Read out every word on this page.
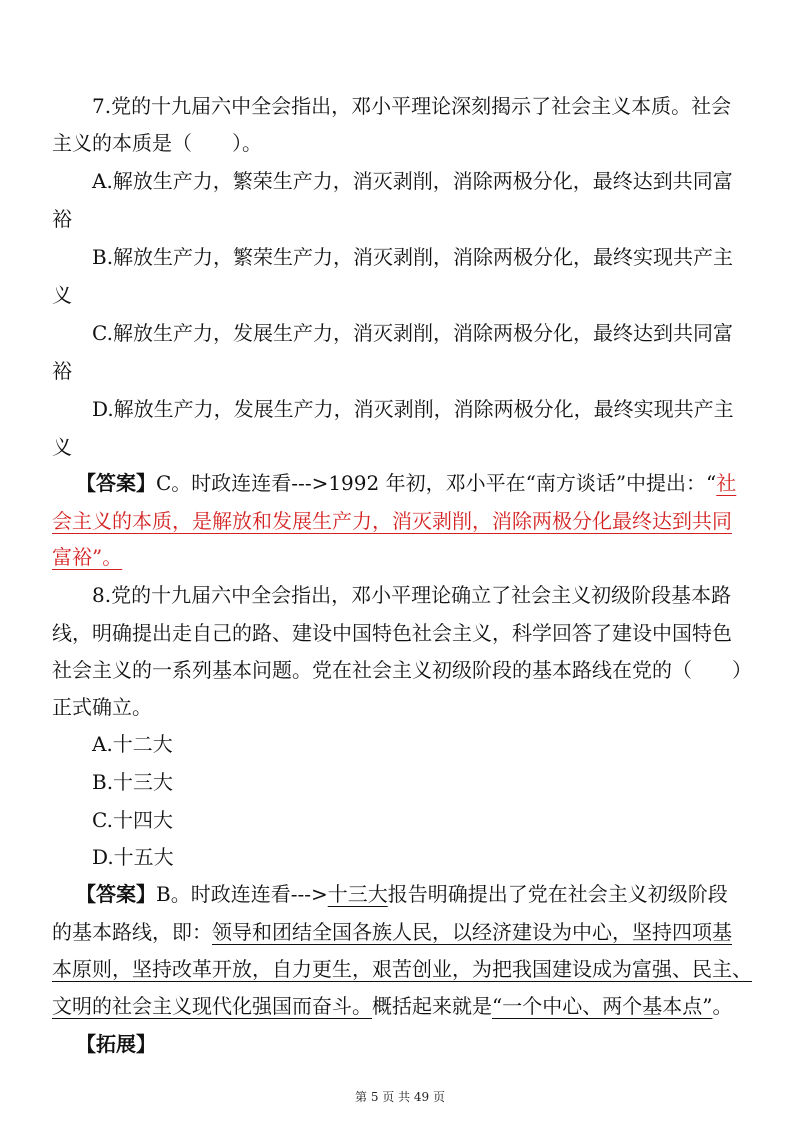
7.党的十九届六中全会指出，邓小平理论深刻揭示了社会主义本质。社会
主义的本质是（　　）。
A.解放生产力，繁荣生产力，消灭剥削，消除两极分化，最终达到共同富
裕
B.解放生产力，繁荣生产力，消灭剥削，消除两极分化，最终实现共产主
义
C.解放生产力，发展生产力，消灭剥削，消除两极分化，最终达到共同富
裕
D.解放生产力，发展生产力，消灭剥削，消除两极分化，最终实现共产主
义
【答案】C。时政连连看--->1992 年初，邓小平在“南方谈话”中提出：“社
会主义的本质，是解放和发展生产力，消灭剥削，消除两极分化最终达到共同
富裕”。
8.党的十九届六中全会指出，邓小平理论确立了社会主义初级阶段基本路
线，明确提出走自己的路、建设中国特色社会主义，科学回答了建设中国特色
社会主义的一系列基本问题。党在社会主义初级阶段的基本路线在党的（　　）
正式确立。
A.十二大
B.十三大
C.十四大
D.十五大
【答案】B。时政连连看--->十三大报告明确提出了党在社会主义初级阶段
的基本路线，即：领导和团结全国各族人民，以经济建设为中心，坚持四项基
本原则，坚持改革开放，自力更生，艰苦创业，为把我国建设成为富强、民主、
文明的社会主义现代化强国而奋斗。概括起来就是“一个中心、两个基本点”。
【拓展】
第 5 页 共 49 页
